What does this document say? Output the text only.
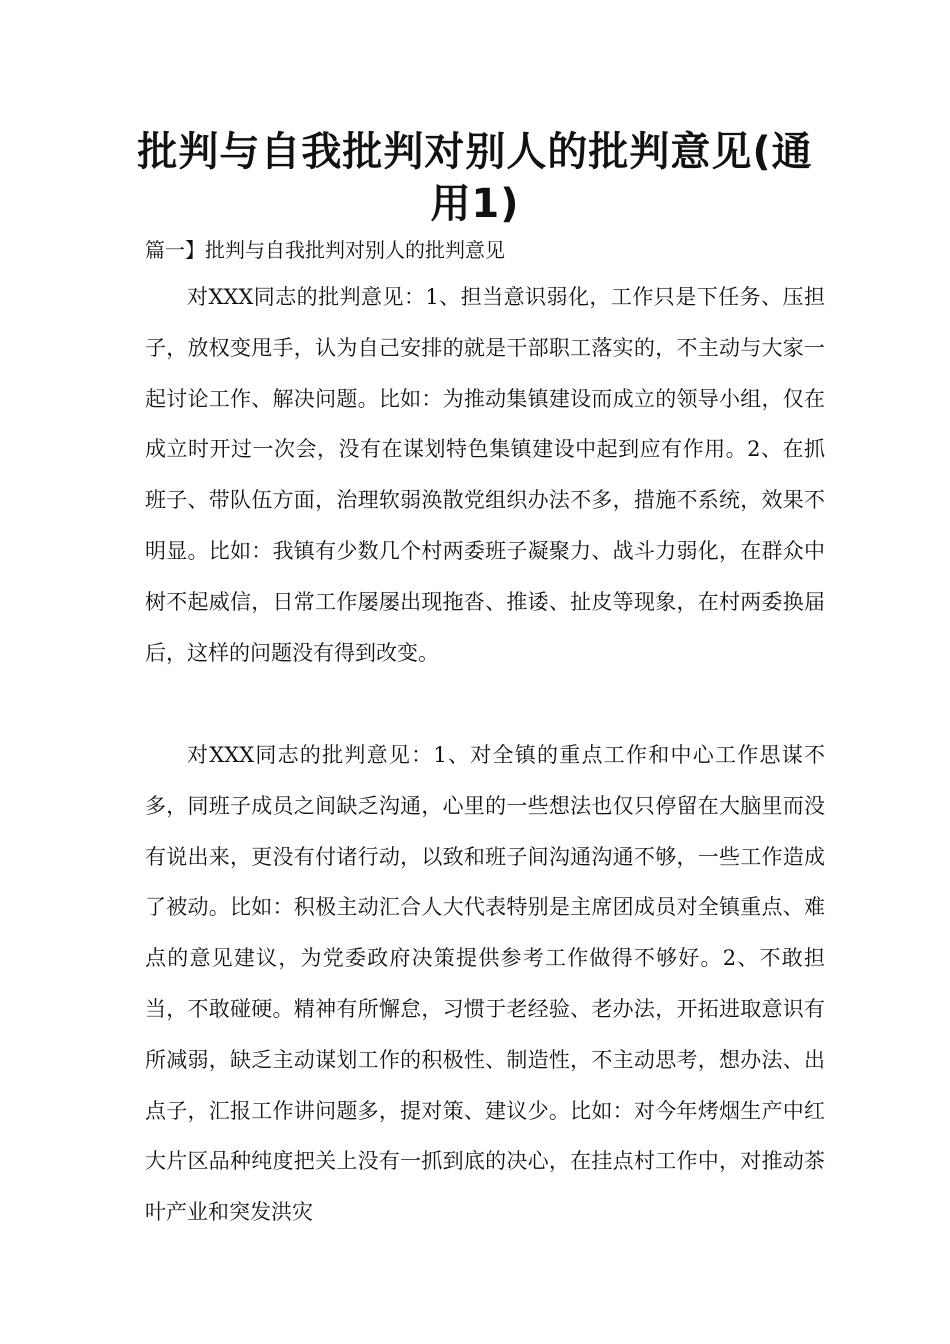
批判与自我批判对别人的批判意见(通用1)

篇一】批判与自我批判对别人的批判意见

对XXX同志的批判意见：1、担当意识弱化，工作只是下任务、压担子，放权变甩手，认为自己安排的就是干部职工落实的，不主动与大家一起讨论工作、解决问题。比如：为推动集镇建设而成立的领导小组，仅在成立时开过一次会，没有在谋划特色集镇建设中起到应有作用。2、在抓班子、带队伍方面，治理软弱涣散党组织办法不多，措施不系统，效果不明显。比如：我镇有少数几个村两委班子凝聚力、战斗力弱化，在群众中树不起威信，日常工作屡屡出现拖沓、推诿、扯皮等现象，在村两委换届后，这样的问题没有得到改变。

对XXX同志的批判意见：1、对全镇的重点工作和中心工作思谋不多，同班子成员之间缺乏沟通，心里的一些想法也仅只停留在大脑里而没有说出来，更没有付诸行动，以致和班子间沟通沟通不够，一些工作造成了被动。比如：积极主动汇合人大代表特别是主席团成员对全镇重点、难点的意见建议，为党委政府决策提供参考工作做得不够好。2、不敢担当，不敢碰硬。精神有所懈怠，习惯于老经验、老办法，开拓进取意识有所减弱，缺乏主动谋划工作的积极性、制造性，不主动思考，想办法、出点子，汇报工作讲问题多，提对策、建议少。比如：对今年烤烟生产中红大片区品种纯度把关上没有一抓到底的决心，在挂点村工作中，对推动茶叶产业和突发洪灾
